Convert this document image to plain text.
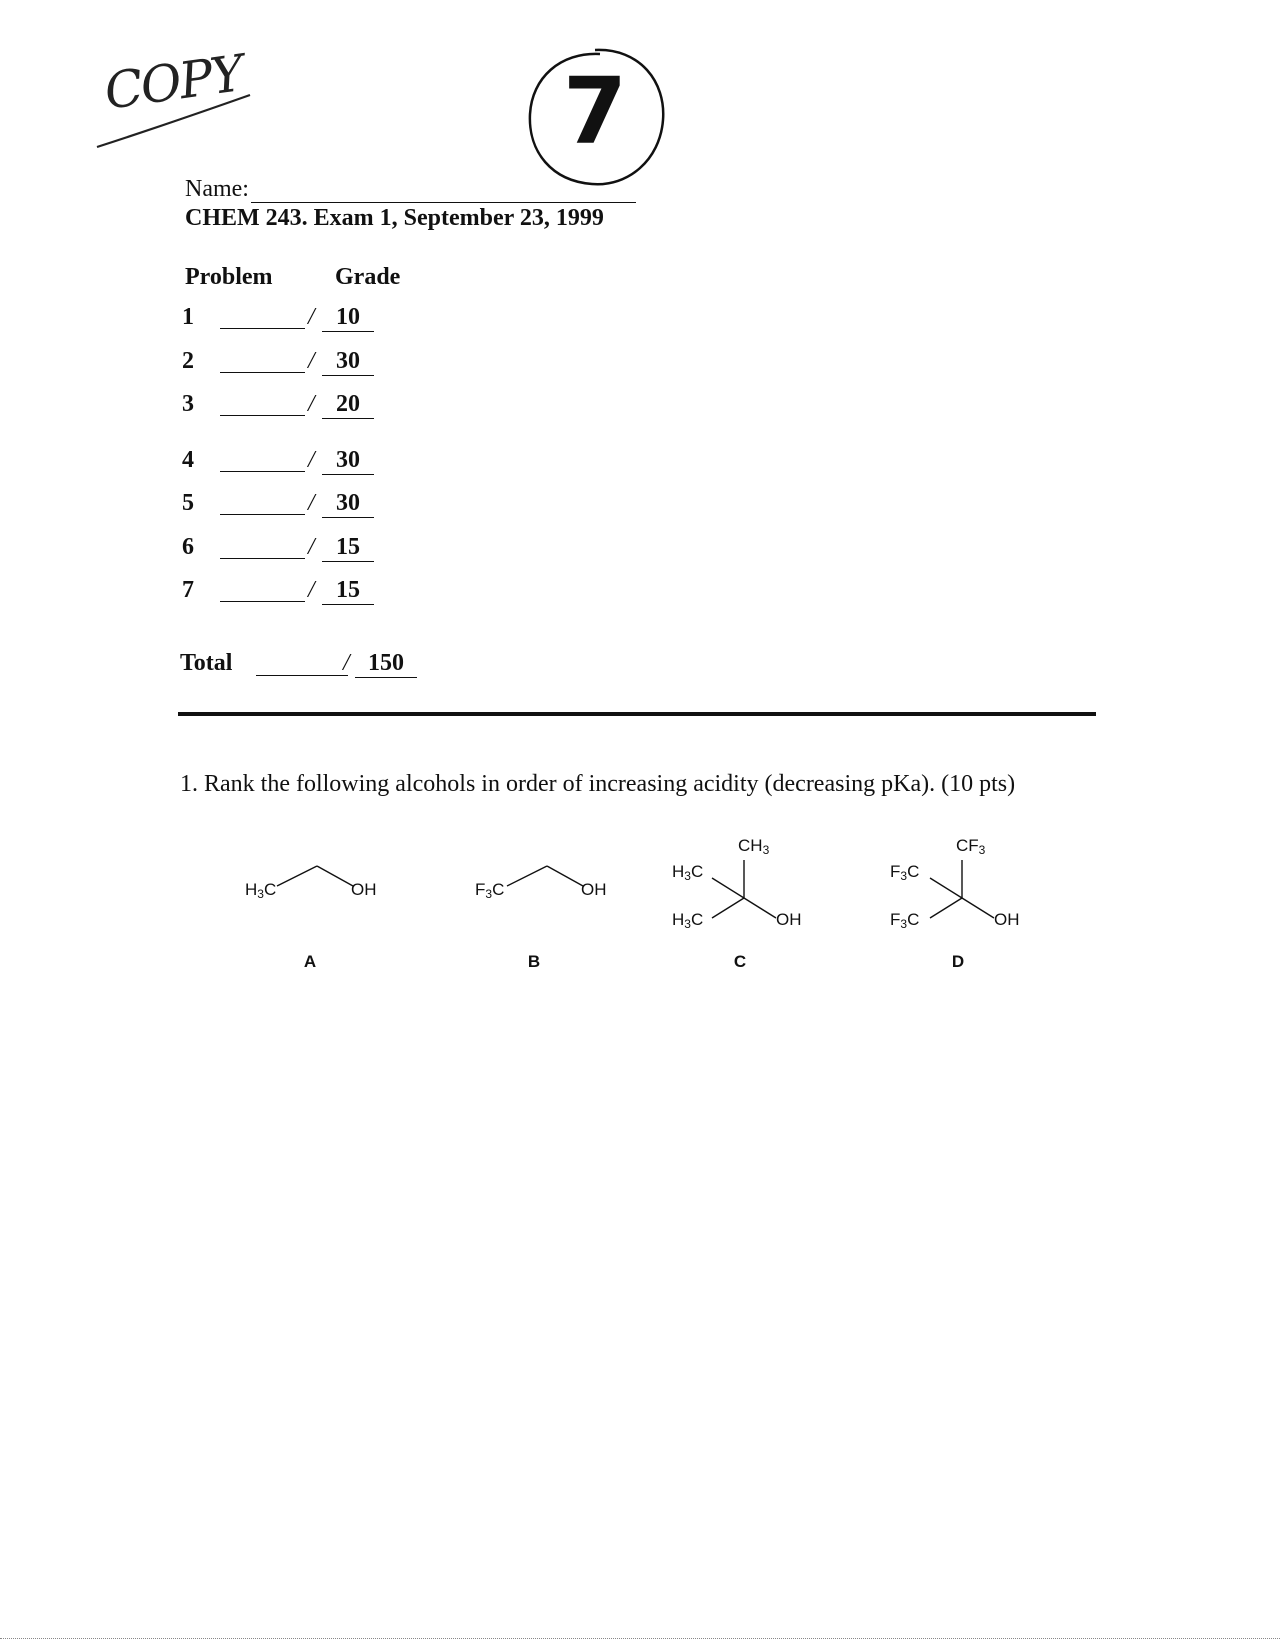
COPY	7
Name:
CHEM 243. Exam 1, September 23, 1999
Problem	Grade
1	/ 10
2	/ 30
3	/ 20
4	/ 30
5	/ 30
6	/ 15
7	/ 15
Total	/ 150
1. Rank the following alcohols in order of increasing acidity (decreasing pKa). (10 pts)
$H_3C$	OH
A
$F_3C$	OH
B
$CH_3$
$H_3C$
$H_3C$	OH
C
$CF_3$
$F_3C$
$F_3C$	OH
D
